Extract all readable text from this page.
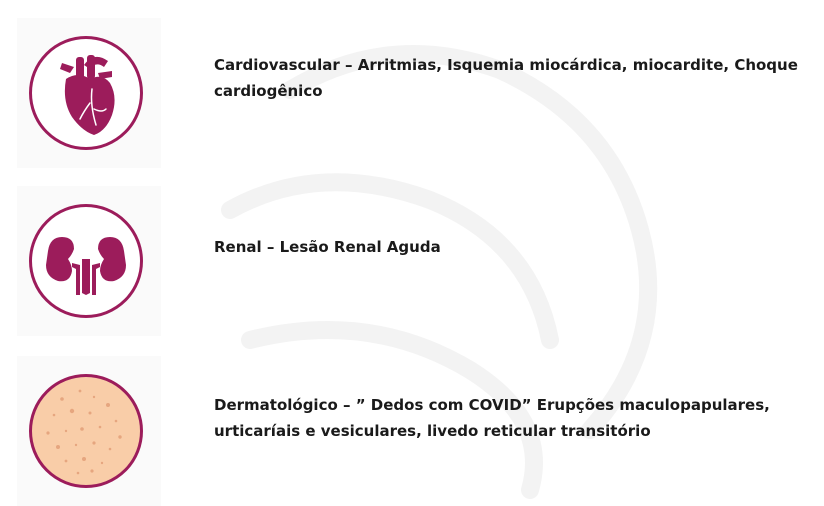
Cardiovascular – Arritmias, Isquemia miocárdica, miocardite, Choque cardiogênico
Renal – Lesão Renal Aguda
Dermatológico – ” Dedos com COVID” Erupções maculopapulares, urticaríais e vesiculares, livedo reticular transitório
